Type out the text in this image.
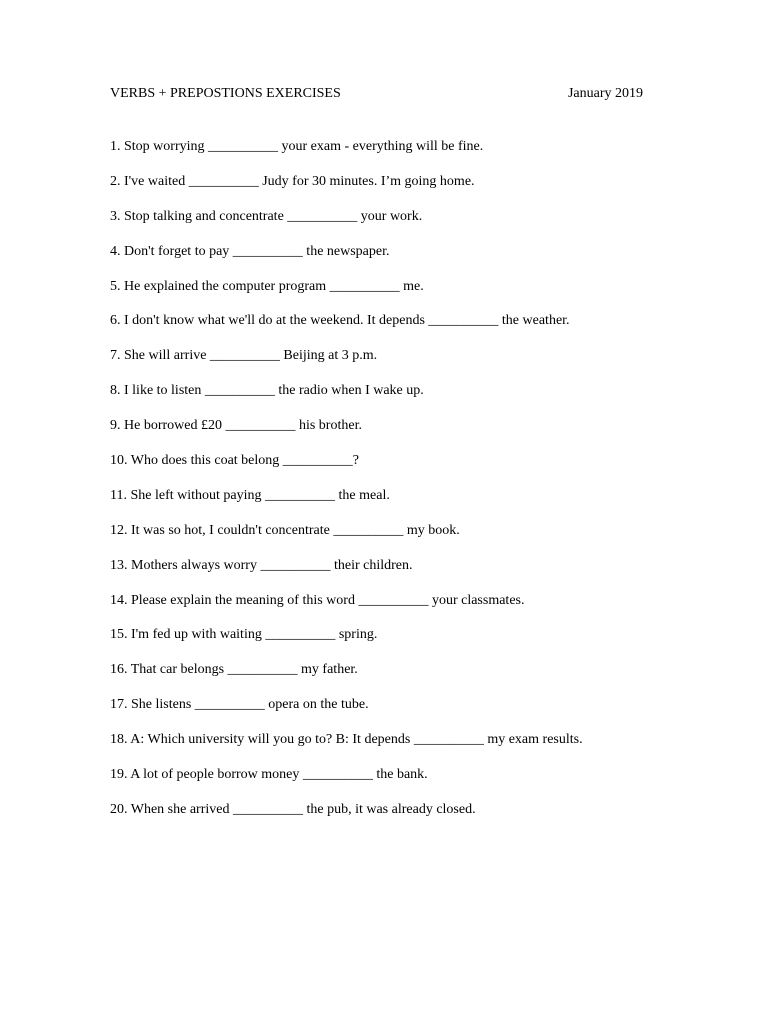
VERBS + PREPOSTIONS EXERCISES	January 2019
1. Stop worrying __________ your exam - everything will be fine.
2. I've waited __________ Judy for 30 minutes. I’m going home.
3. Stop talking and concentrate __________ your work.
4. Don't forget to pay __________ the newspaper.
5. He explained the computer program __________ me.
6. I don't know what we'll do at the weekend. It depends __________ the weather.
7. She will arrive __________ Beijing at 3 p.m.
8. I like to listen __________ the radio when I wake up.
9. He borrowed £20 __________ his brother.
10. Who does this coat belong __________?
11. She left without paying __________ the meal.
12. It was so hot, I couldn't concentrate __________ my book.
13. Mothers always worry __________ their children.
14. Please explain the meaning of this word __________ your classmates.
15. I'm fed up with waiting __________ spring.
16. That car belongs __________ my father.
17. She listens __________ opera on the tube.
18. A: Which university will you go to? B: It depends __________ my exam results.
19. A lot of people borrow money __________ the bank.
20. When she arrived __________ the pub, it was already closed.
